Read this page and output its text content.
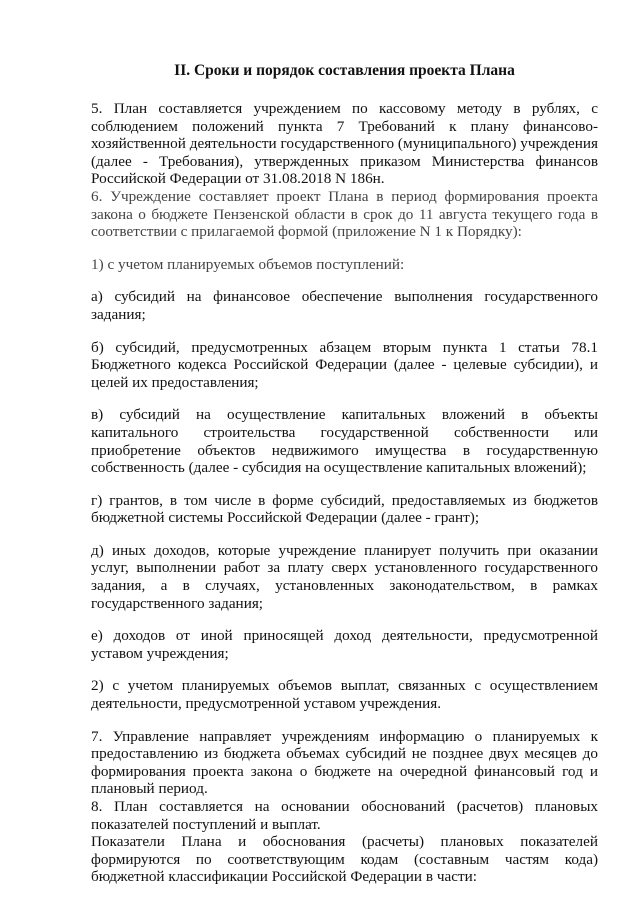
II. Сроки и порядок составления проекта Плана

5. План составляется учреждением по кассовому методу в рублях, с соблюдением положений пункта 7 Требований к плану финансово-хозяйственной деятельности государственного (муниципального) учреждения (далее - Требования), утвержденных приказом Министерства финансов Российской Федерации от 31.08.2018 N 186н.

6. Учреждение составляет проект Плана в период формирования проекта закона о бюджете Пензенской области в срок до 11 августа текущего года в соответствии с прилагаемой формой (приложение N 1 к Порядку):

1) с учетом планируемых объемов поступлений:

а) субсидий на финансовое обеспечение выполнения государственного задания;

б) субсидий, предусмотренных абзацем вторым пункта 1 статьи 78.1 Бюджетного кодекса Российской Федерации (далее - целевые субсидии), и целей их предоставления;

в) субсидий на осуществление капитальных вложений в объекты капитального строительства государственной собственности или приобретение объектов недвижимого имущества в государственную собственность (далее - субсидия на осуществление капитальных вложений);

г) грантов, в том числе в форме субсидий, предоставляемых из бюджетов бюджетной системы Российской Федерации (далее - грант);

д) иных доходов, которые учреждение планирует получить при оказании услуг, выполнении работ за плату сверх установленного государственного задания, а в случаях, установленных законодательством, в рамках государственного задания;

е) доходов от иной приносящей доход деятельности, предусмотренной уставом учреждения;

2) с учетом планируемых объемов выплат, связанных с осуществлением деятельности, предусмотренной уставом учреждения.

7. Управление направляет учреждениям информацию о планируемых к предоставлению из бюджета объемах субсидий не позднее двух месяцев до формирования проекта закона о бюджете на очередной финансовый год и плановый период.

8. План составляется на основании обоснований (расчетов) плановых показателей поступлений и выплат.

Показатели Плана и обоснования (расчеты) плановых показателей формируются по соответствующим кодам (составным частям кода) бюджетной классификации Российской Федерации в части:
